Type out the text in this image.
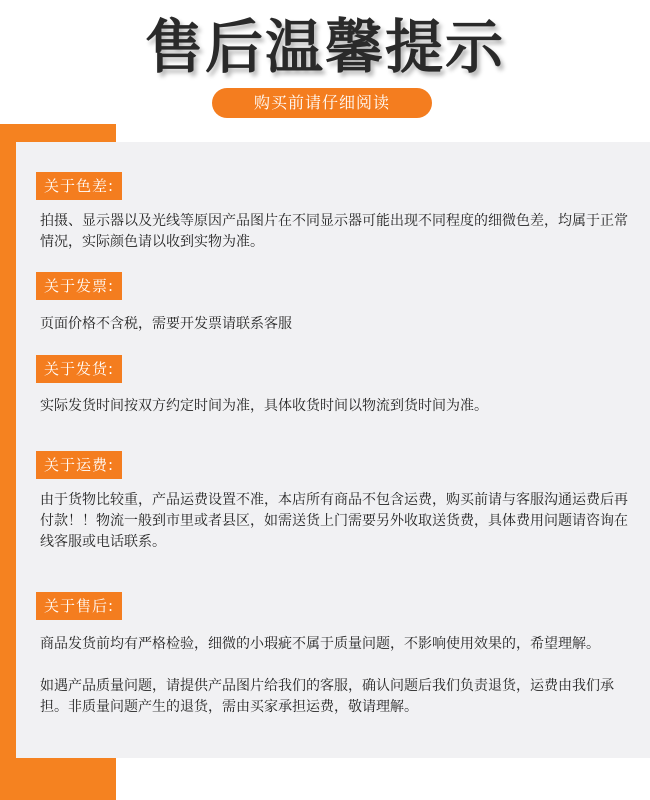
售后温馨提示
购买前请仔细阅读
关于色差:
拍摄、显示器以及光线等原因产品图片在不同显示器可能出现不同程度的细微色差，均属于正常情况，实际颜色请以收到实物为准。
关于发票:
页面价格不含税，需要开发票请联系客服
关于发货:
实际发货时间按双方约定时间为准，具体收货时间以物流到货时间为准。
关于运费:
由于货物比较重，产品运费设置不准，本店所有商品不包含运费，购买前请与客服沟通运费后再付款！！物流一般到市里或者县区，如需送货上门需要另外收取送货费，具体费用问题请咨询在线客服或电话联系。
关于售后:
商品发货前均有严格检验，细微的小瑕疵不属于质量问题，不影响使用效果的，希望理解。
如遇产品质量问题，请提供产品图片给我们的客服，确认问题后我们负责退货，运费由我们承担。非质量问题产生的退货，需由买家承担运费，敬请理解。
